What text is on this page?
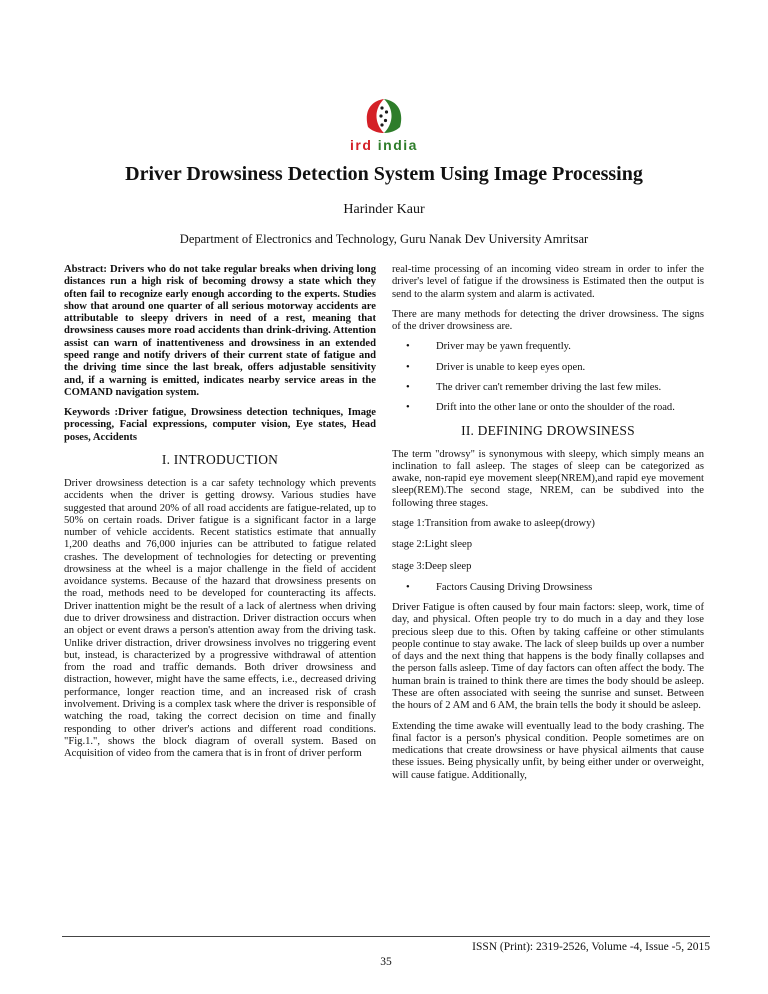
ird india
Driver Drowsiness Detection System Using Image Processing
Harinder Kaur
Department of Electronics and Technology, Guru Nanak Dev University Amritsar

Abstract: Drivers who do not take regular breaks when driving long distances run a high risk of becoming drowsy a state which they often fail to recognize early enough according to the experts. Studies show that around one quarter of all serious motorway accidents are attributable to sleepy drivers in need of a rest, meaning that drowsiness causes more road accidents than drink-driving. Attention assist can warn of inattentiveness and drowsiness in an extended speed range and notify drivers of their current state of fatigue and the driving time since the last break, offers adjustable sensitivity and, if a warning is emitted, indicates nearby service areas in the COMAND navigation system.

Keywords :Driver fatigue, Drowsiness detection techniques, Image processing, Facial expressions, computer vision, Eye states, Head poses, Accidents

I. INTRODUCTION

Driver drowsiness detection is a car safety technology which prevents accidents when the driver is getting drowsy. Various studies have suggested that around 20% of all road accidents are fatigue-related, up to 50% on certain roads. Driver fatigue is a significant factor in a large number of vehicle accidents. Recent statistics estimate that annually 1,200 deaths and 76,000 injuries can be attributed to fatigue related crashes. The development of technologies for detecting or preventing drowsiness at the wheel is a major challenge in the field of accident avoidance systems. Because of the hazard that drowsiness presents on the road, methods need to be developed for counteracting its affects. Driver inattention might be the result of a lack of alertness when driving due to driver drowsiness and distraction. Driver distraction occurs when an object or event draws a person's attention away from the driving task. Unlike driver distraction, driver drowsiness involves no triggering event but, instead, is characterized by a progressive withdrawal of attention from the road and traffic demands. Both driver drowsiness and distraction, however, might have the same effects, i.e., decreased driving performance, longer reaction time, and an increased risk of crash involvement. Driving is a complex task where the driver is responsible of watching the road, taking the correct decision on time and finally responding to other driver's actions and different road conditions. "Fig.1.", shows the block diagram of overall system. Based on Acquisition of video from the camera that is in front of driver perform

real-time processing of an incoming video stream in order to infer the driver's level of fatigue if the drowsiness is Estimated then the output is send to the alarm system and alarm is activated.

There are many methods for detecting the driver drowsiness. The signs of the driver drowsiness are.

•	Driver may be yawn frequently.
•	Driver is unable to keep eyes open.
•	The driver can't remember driving the last few miles.
•	Drift into the other lane or onto the shoulder of the road.
II. DEFINING DROWSINESS

The term "drowsy" is synonymous with sleepy, which simply means an inclination to fall asleep. The stages of sleep can be categorized as awake, non-rapid eye movement sleep(NREM),and rapid eye movement sleep(REM).The second stage, NREM, can be subdived into the following three stages.

stage 1:Transition from awake to asleep(drowy)

stage 2:Light sleep

stage 3:Deep sleep

•	Factors Causing Driving Drowsiness

Driver Fatigue is often caused by four main factors: sleep, work, time of day, and physical. Often people try to do much in a day and they lose precious sleep due to this. Often by taking caffeine or other stimulants people continue to stay awake. The lack of sleep builds up over a number of days and the next thing that happens is the body finally collapses and the person falls asleep. Time of day factors can often affect the body. The human brain is trained to think there are times the body should be asleep. These are often associated with seeing the sunrise and sunset. Between the hours of 2 AM and 6 AM, the brain tells the body it should be asleep.

Extending the time awake will eventually lead to the body crashing. The final factor is a person's physical condition. People sometimes are on medications that create drowsiness or have physical ailments that cause these issues. Being physically unfit, by being either under or overweight, will cause fatigue. Additionally,

ISSN (Print): 2319-2526, Volume -4, Issue -5, 2015
35
